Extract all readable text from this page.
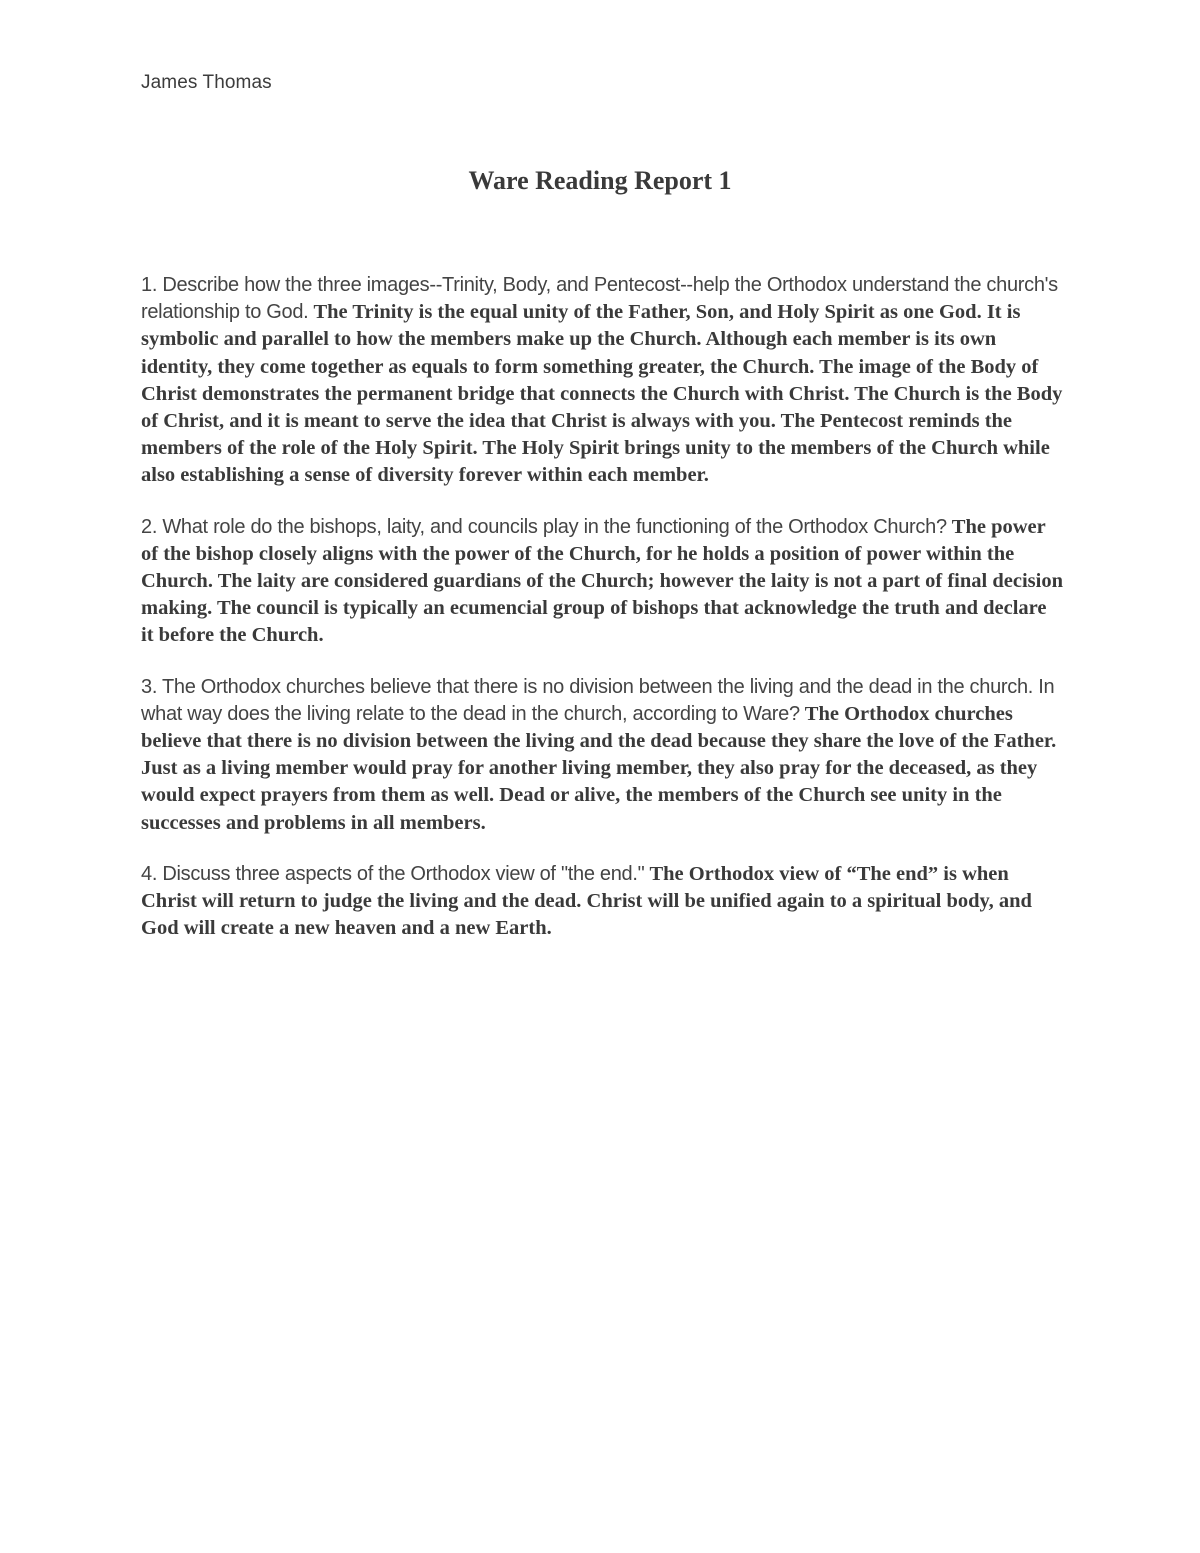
James Thomas
Ware Reading Report 1

1. Describe how the three images--Trinity, Body, and Pentecost--help the Orthodox understand the church's relationship to God. The Trinity is the equal unity of the Father, Son, and Holy Spirit as one God. It is symbolic and parallel to how the members make up the Church. Although each member is its own identity, they come together as equals to form something greater, the Church. The image of the Body of Christ demonstrates the permanent bridge that connects the Church with Christ. The Church is the Body of Christ, and it is meant to serve the idea that Christ is always with you. The Pentecost reminds the members of the role of the Holy Spirit. The Holy Spirit brings unity to the members of the Church while also establishing a sense of diversity forever within each member.

2. What role do the bishops, laity, and councils play in the functioning of the Orthodox Church? The power of the bishop closely aligns with the power of the Church, for he holds a position of power within the Church. The laity are considered guardians of the Church; however the laity is not a part of final decision making. The council is typically an ecumencial group of bishops that acknowledge the truth and declare it before the Church.

3. The Orthodox churches believe that there is no division between the living and the dead in the church. In what way does the living relate to the dead in the church, according to Ware? The Orthodox churches believe that there is no division between the living and the dead because they share the love of the Father. Just as a living member would pray for another living member, they also pray for the deceased, as they would expect prayers from them as well. Dead or alive, the members of the Church see unity in the successes and problems in all members.

4. Discuss three aspects of the Orthodox view of "the end." The Orthodox view of “The end” is when Christ will return to judge the living and the dead. Christ will be unified again to a spiritual body, and God will create a new heaven and a new Earth.
